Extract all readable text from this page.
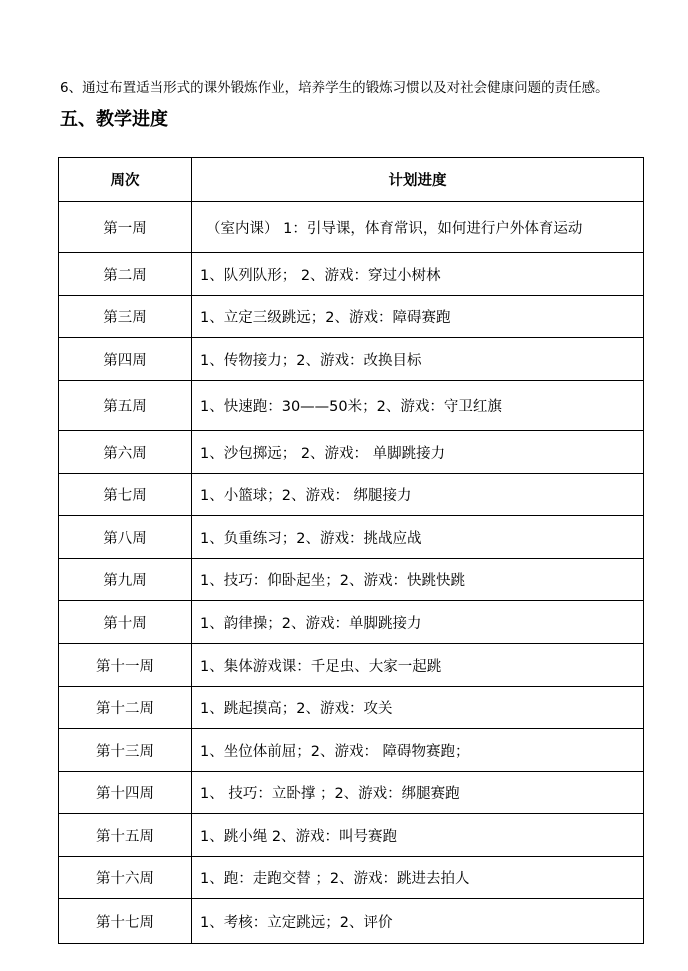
6、通过布置适当形式的课外锻炼作业，培养学生的锻炼习惯以及对社会健康问题的责任感。
五、教学进度
周次	计划进度
第一周	（室内课） 1：引导课，体育常识，如何进行户外体育运动
第二周	1、队列队形； 2、游戏：穿过小树林
第三周	1、立定三级跳远；2、游戏：障碍赛跑
第四周	1、传物接力；2、游戏：改换目标
第五周	1、快速跑：30——50米；2、游戏：守卫红旗
第六周	1、沙包掷远； 2、游戏： 单脚跳接力
第七周	1、小篮球；2、游戏： 绑腿接力
第八周	1、负重练习；2、游戏：挑战应战
第九周	1、技巧：仰卧起坐；2、游戏：快跳快跳
第十周	1、韵律操；2、游戏：单脚跳接力
第十一周	1、集体游戏课：千足虫、大家一起跳
第十二周	1、跳起摸高；2、游戏：攻关
第十三周	1、坐位体前屈；2、游戏： 障碍物赛跑；
第十四周	1、 技巧：立卧撑 ；2、游戏：绑腿赛跑
第十五周	1、跳小绳 2、游戏：叫号赛跑
第十六周	1、跑：走跑交替 ；2、游戏：跳进去拍人
第十七周	1、考核：立定跳远；2、评价
